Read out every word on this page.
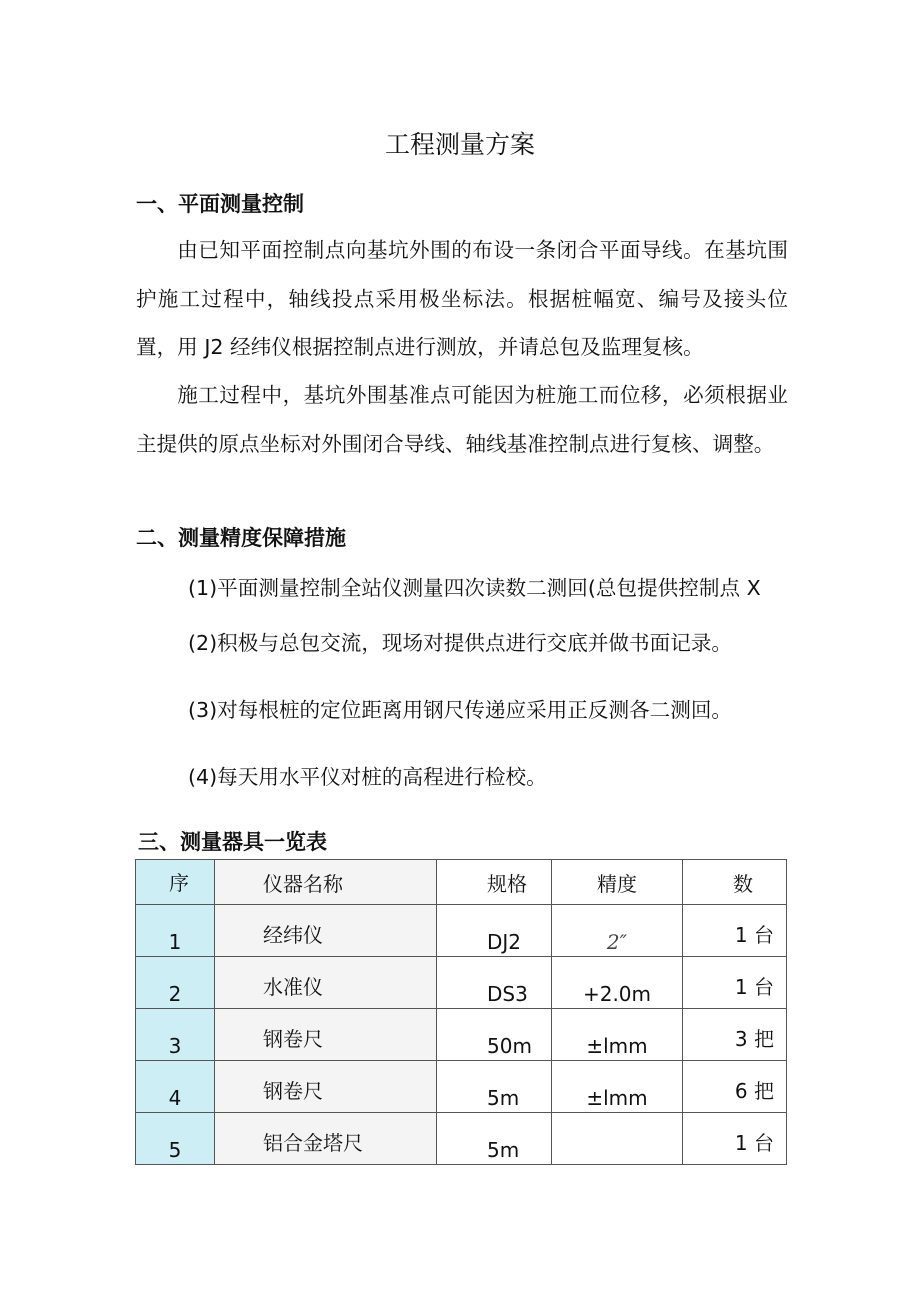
工程测量方案
一、平面测量控制

由已知平面控制点向基坑外围的布设一条闭合平面导线。在基坑围护施工过程中，轴线投点采用极坐标法。根据桩幅宽、编号及接头位置，用 J2 经纬仪根据控制点进行测放，并请总包及监理复核。

施工过程中，基坑外围基准点可能因为桩施工而位移，必须根据业主提供的原点坐标对外围闭合导线、轴线基准控制点进行复核、调整。

二、测量精度保障措施
(1)平面测量控制全站仪测量四次读数二测回(总包提供控制点 X
(2)积极与总包交流，现场对提供点进行交底并做书面记录。
(3)对每根桩的定位距离用钢尺传递应采用正反测各二测回。
(4)每天用水平仪对桩的高程进行检校。
三、测量器具一览表
序	仪器名称	规格	精度	数
1	经纬仪	DJ2	2″	1 台
2	水准仪	DS3	+2.0m	1 台
3	钢卷尺	50m	±lmm	3 把
4	钢卷尺	5m	±lmm	6 把
5	铝合金塔尺	5m		1 台
